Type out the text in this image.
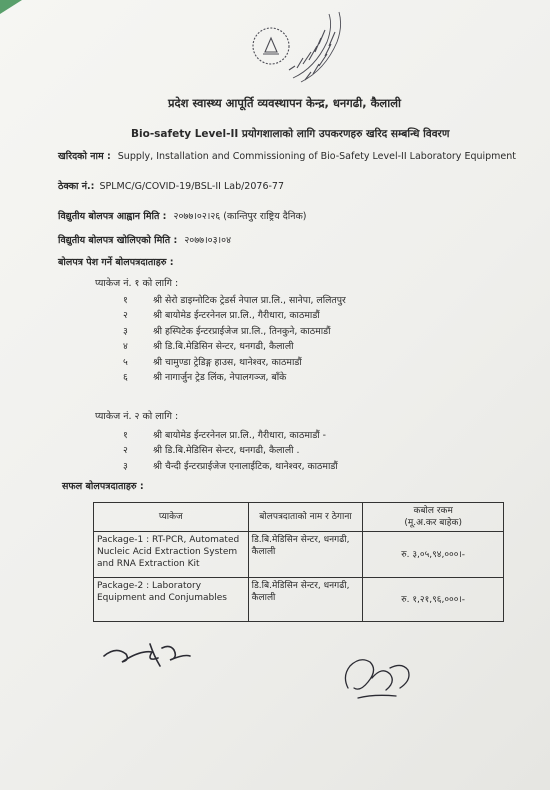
प्रदेश स्वास्थ्य आपूर्ति व्यवस्थापन केन्द्र, धनगढी, कैलाली
Bio-safety Level-II प्रयोगशालाको लागि उपकरणहरु खरिद सम्बन्धि विवरण
खरिदको नाम : Supply, Installation and Commissioning of Bio-Safety Level-II Laboratory Equipment
ठेक्का नं.: SPLMC/G/COVID-19/BSL-II Lab/2076-77
विद्युतीय बोलपत्र आह्वान मिति : २०७७।०२।२६ (कान्तिपुर राष्ट्रिय दैनिक)
विद्युतीय बोलपत्र खोलिएको मिति : २०७७।०३।०४
बोलपत्र पेश गर्ने बोलपत्रदाताहरु :
प्याकेज नं. १ को लागि :
१	श्री सेरो डाइग्नोटिक ट्रेडर्स नेपाल प्रा.लि., सानेपा, ललितपुर
२	श्री बायोमेड ईन्टरनेनल प्रा.लि., गैरीधारा, काठमाडौं
३	श्री हस्पिटेक ईन्टरप्राईजेज प्रा.लि., तिनकुने, काठमाडौं
४	श्री डि.बि.मेडिसिन सेन्टर, धनगढी, कैलाली
५	श्री चामुण्डा ट्रेडिङ्ग हाउस, थानेश्वर, काठमाडौं
६	श्री नागार्जुन ट्रेड लिंक, नेपालगञ्ज, बाँके
प्याकेज नं. २ को लागि :
१	श्री बायोमेड ईन्टरनेनल प्रा.लि., गैरीधारा, काठमाडौं -
२	श्री डि.बि.मेडिसिन सेन्टर, धनगढी, कैलाली .
३	श्री चैन्दी ईन्टरप्राईजेज एनालाईटिक, थानेश्वर, काठमाडौं
सफल बोलपत्रदाताहरु :
प्याकेज	बोलपत्रदाताको नाम र ठेगाना	कबोल रकम
(मू.अ.कर बाहेक)

Package-1 : RT-PCR, Automated Nucleic Acid Extraction System and RNA Extraction Kit	डि.बि.मेडिसिन सेन्टर, धनगढी, कैलाली	रु. ३,०५,९४,०००।-
Package-2 : Laboratory Equipment and Conjumables	डि.बि.मेडिसिन सेन्टर, धनगढी, कैलाली	रु. १,२१,९६,०००।-
